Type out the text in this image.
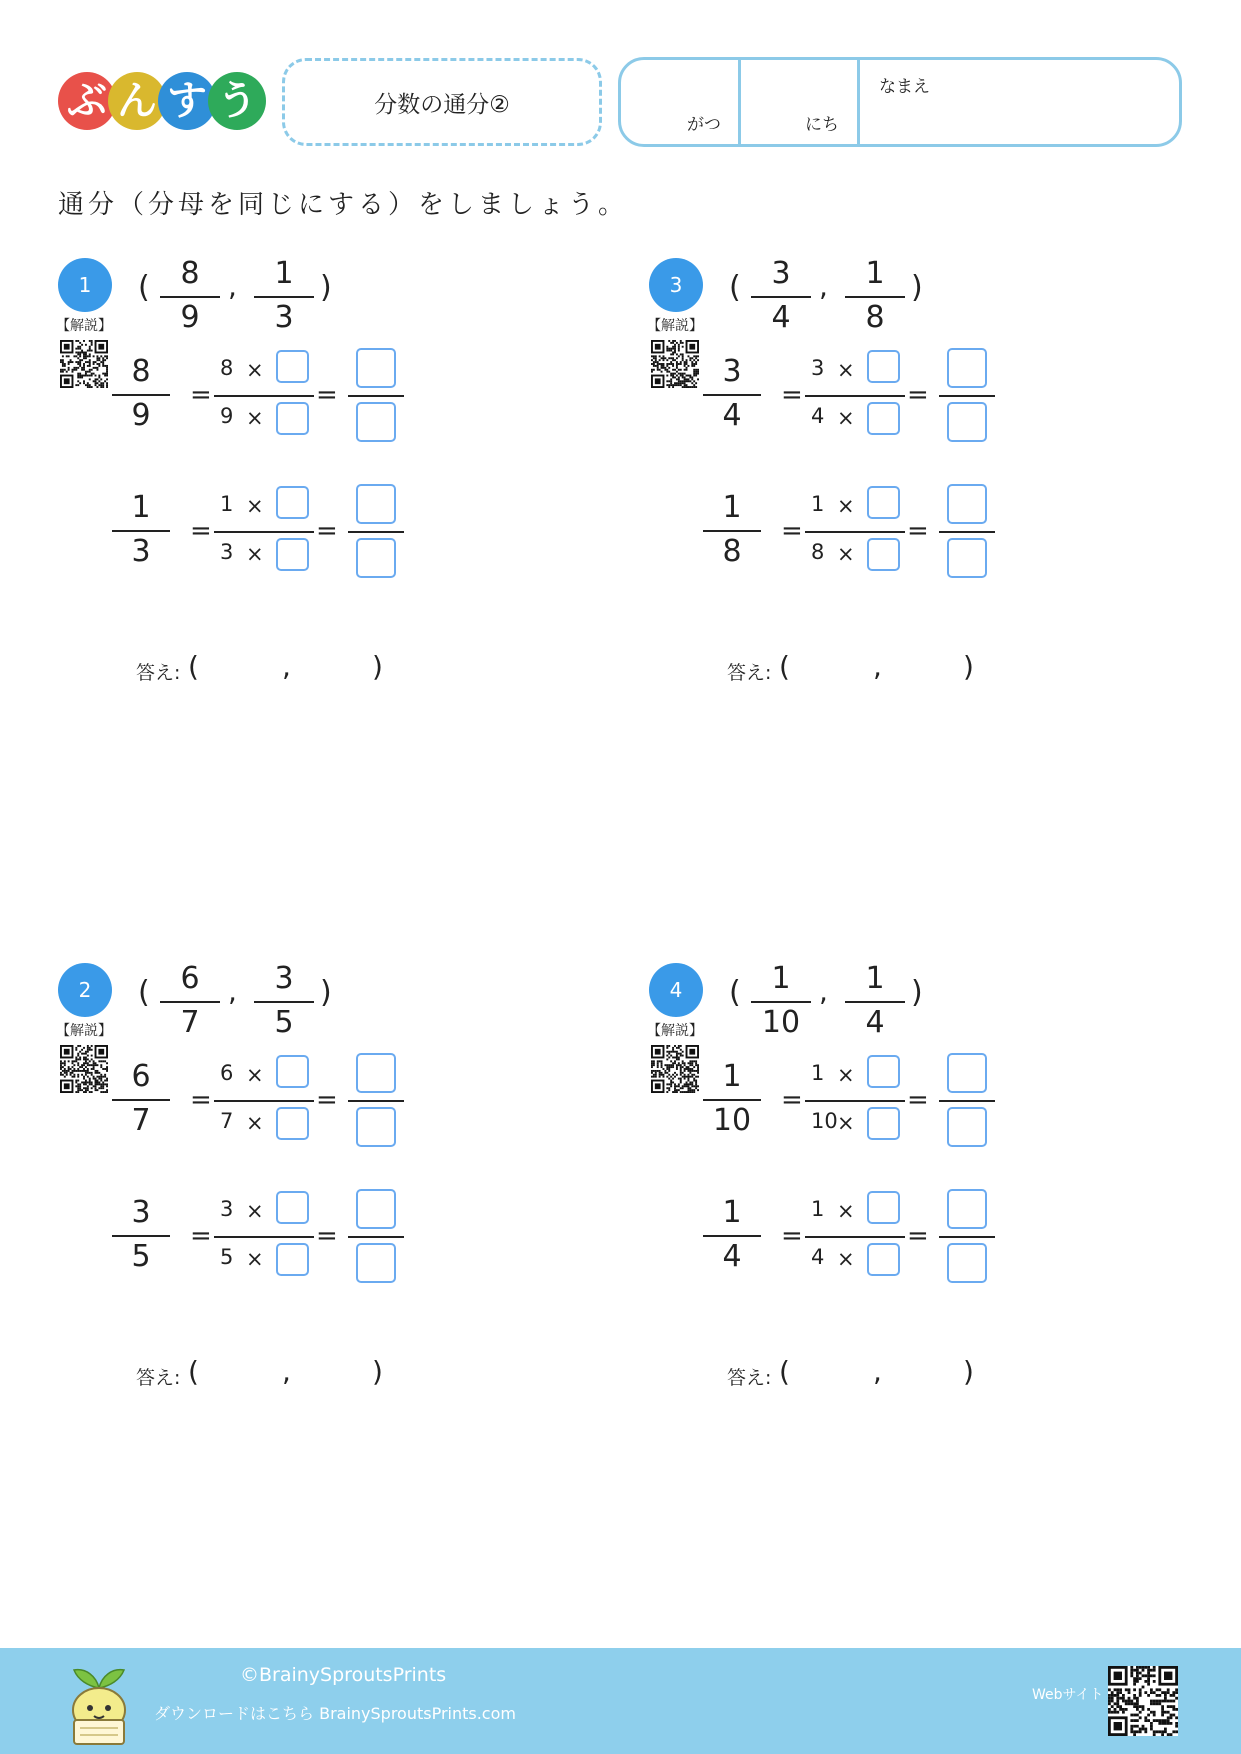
ぶ ん す う	分数の通分②
がつ	にち
なまえ
通分（分母を同じにする）をしましょう。
1
【解説】
(	8
9
,	1
3
)
8
9
=
8 ×
9 ×
=
1
3
=
1 ×
3 ×
=
答え: (	,	)
2
【解説】
(	6
7
,	3
5
)
6
7
=
6 ×
7 ×
=
3
5
=
3 ×
5 ×
=
答え: (	,	)
3
【解説】
(	3
4
,	1
8
)
3
4
=
3 ×
4 ×
=
1
8
=
1 ×
8 ×
=
答え: (	,	)
4
【解説】
(	1
10
,	1
4
)
1
10
=
1 ×
10 ×
=
1
4
=
1 ×
4 ×
=
答え: (	,	)
©BrainySproutsPrints
ダウンロードはこちら BrainySproutsPrints.com
Webサイト
